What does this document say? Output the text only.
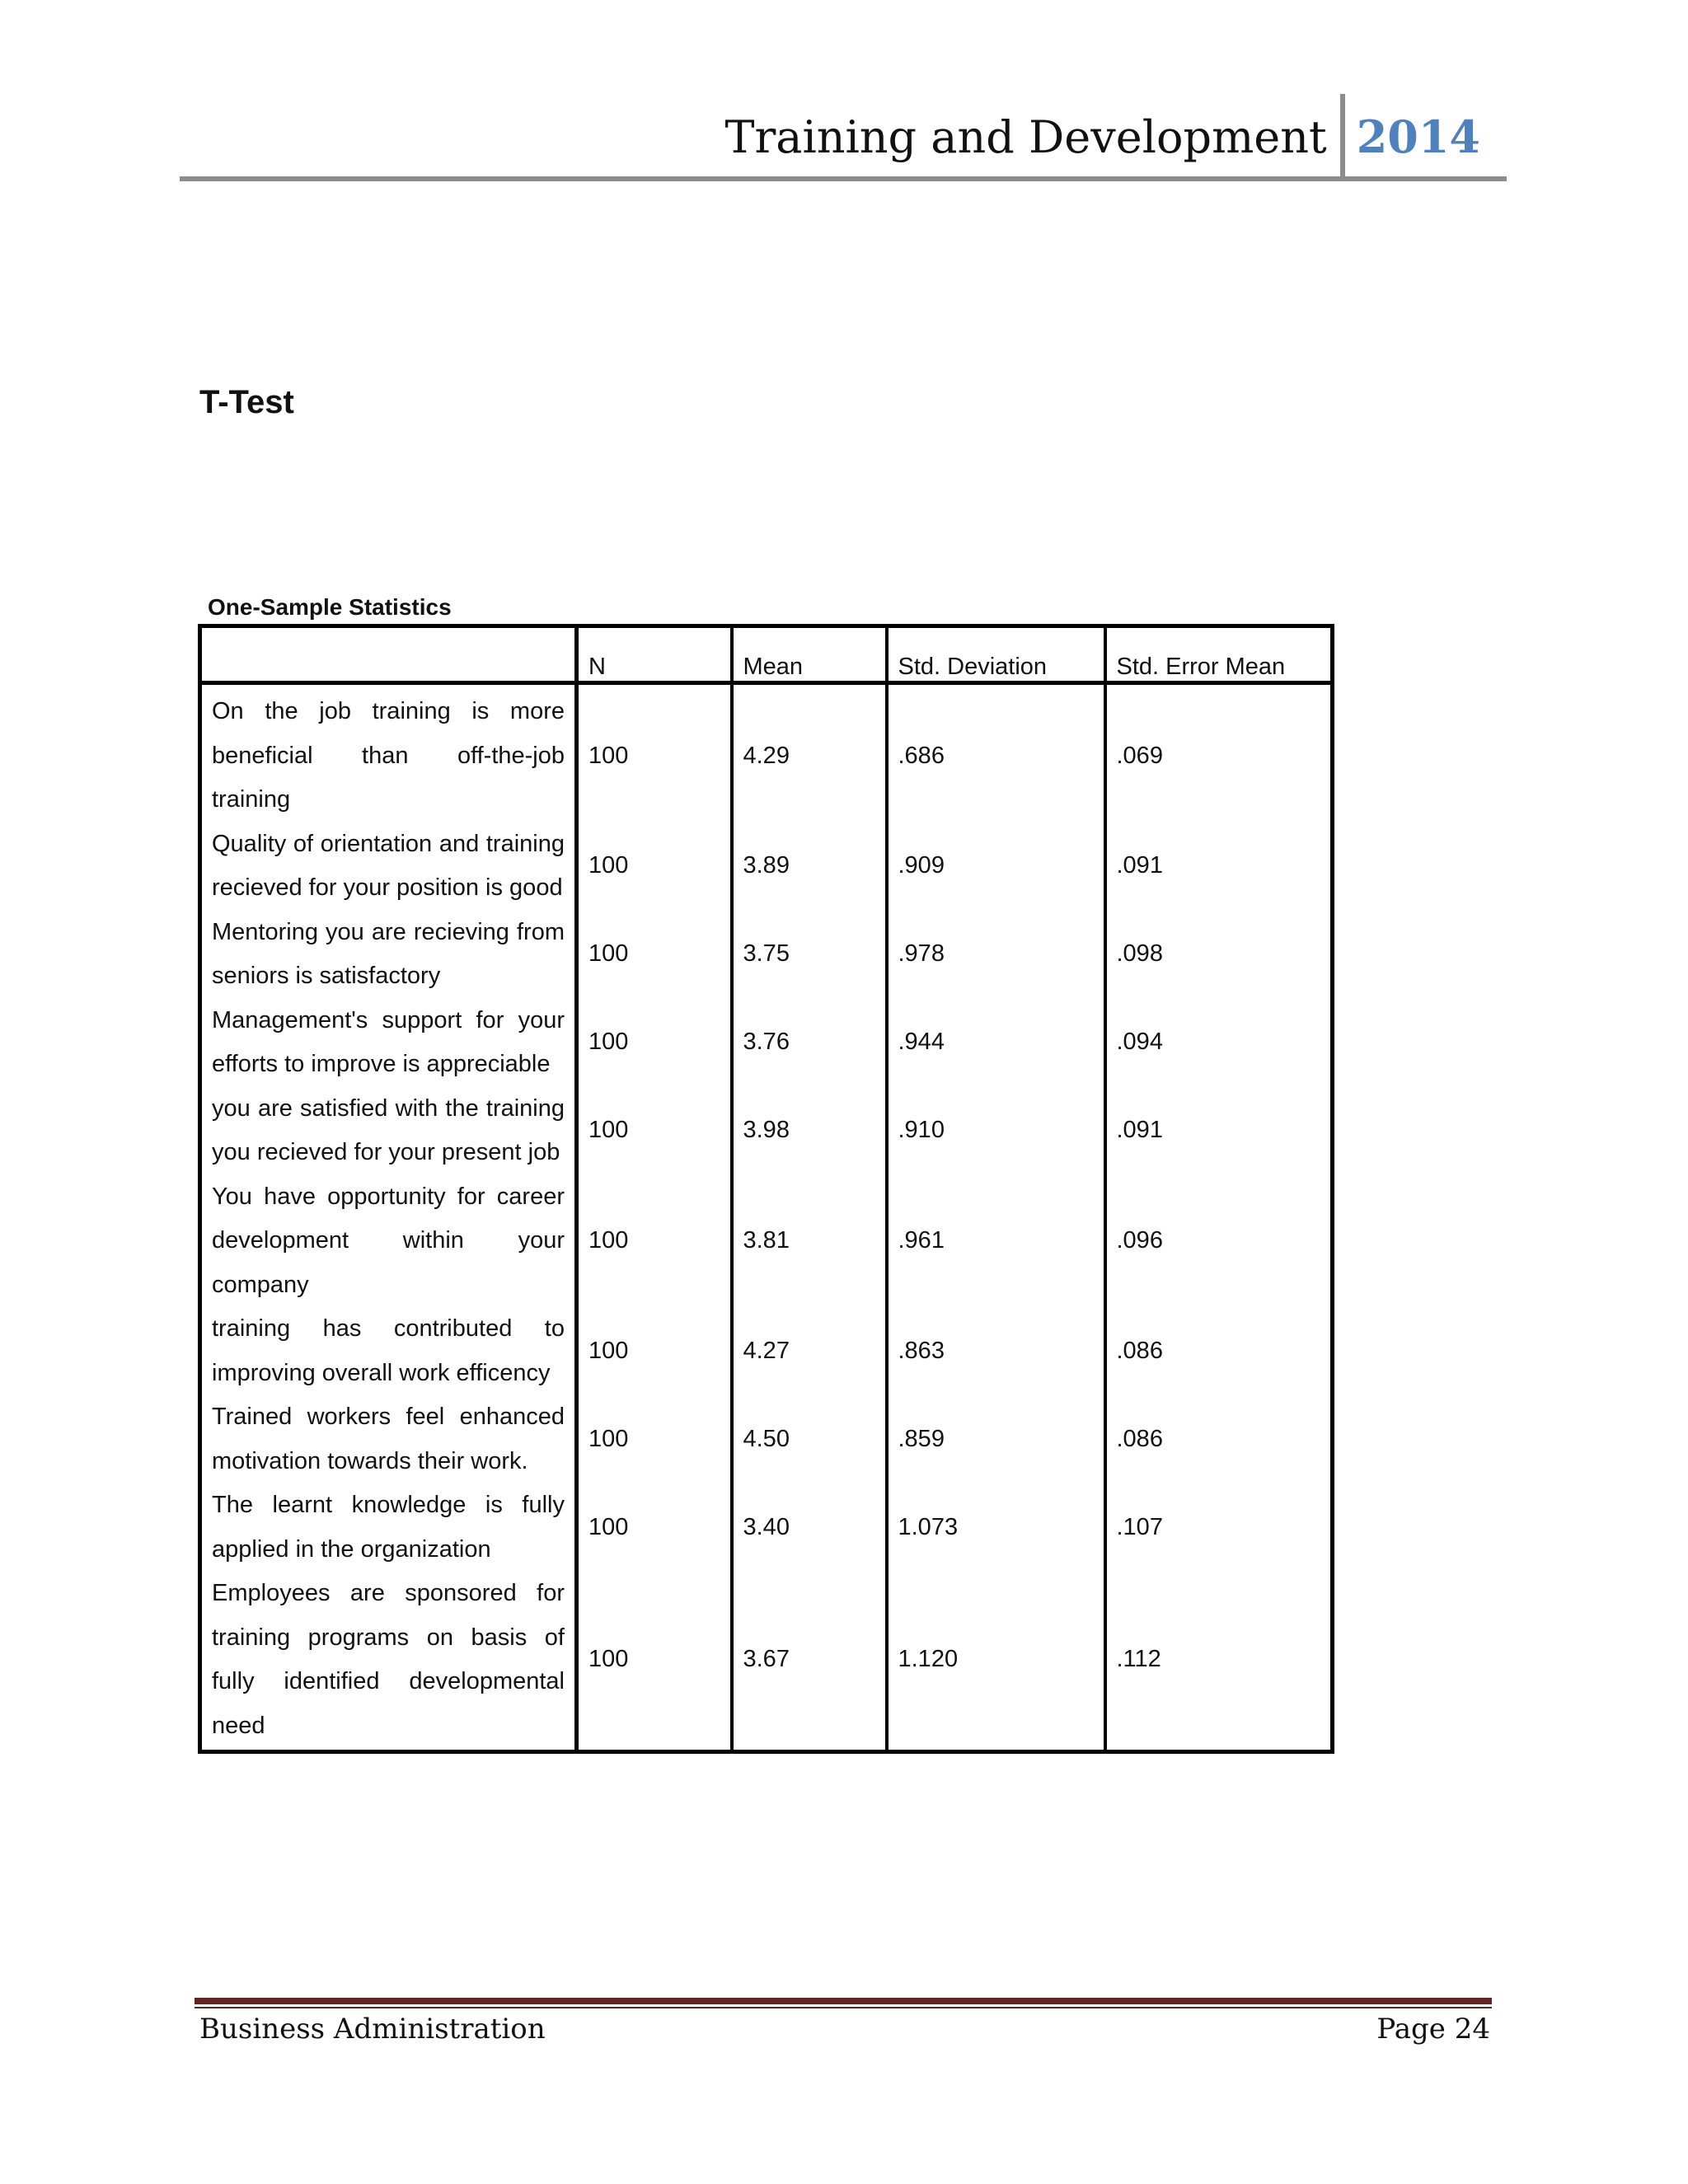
Training and Development 2014
T-Test
One-Sample Statistics
	N	Mean	Std. Deviation	Std. Error Mean
On the job training is more beneficial than off-the-job training	100	4.29	.686	.069
Quality of orientation and training recieved for your position is good	100	3.89	.909	.091
Mentoring you are recieving from seniors is satisfactory	100	3.75	.978	.098
Management's support for your efforts to improve is appreciable	100	3.76	.944	.094
you are satisfied with the training you recieved for your present job	100	3.98	.910	.091
You have opportunity for career development within your company	100	3.81	.961	.096
training has contributed to improving overall work efficency	100	4.27	.863	.086
Trained workers feel enhanced motivation towards their work.	100	4.50	.859	.086
The learnt knowledge is fully applied in the organization	100	3.40	1.073	.107
Employees are sponsored for training programs on basis of fully identified developmental need	100	3.67	1.120	.112
Business Administration	Page 24
